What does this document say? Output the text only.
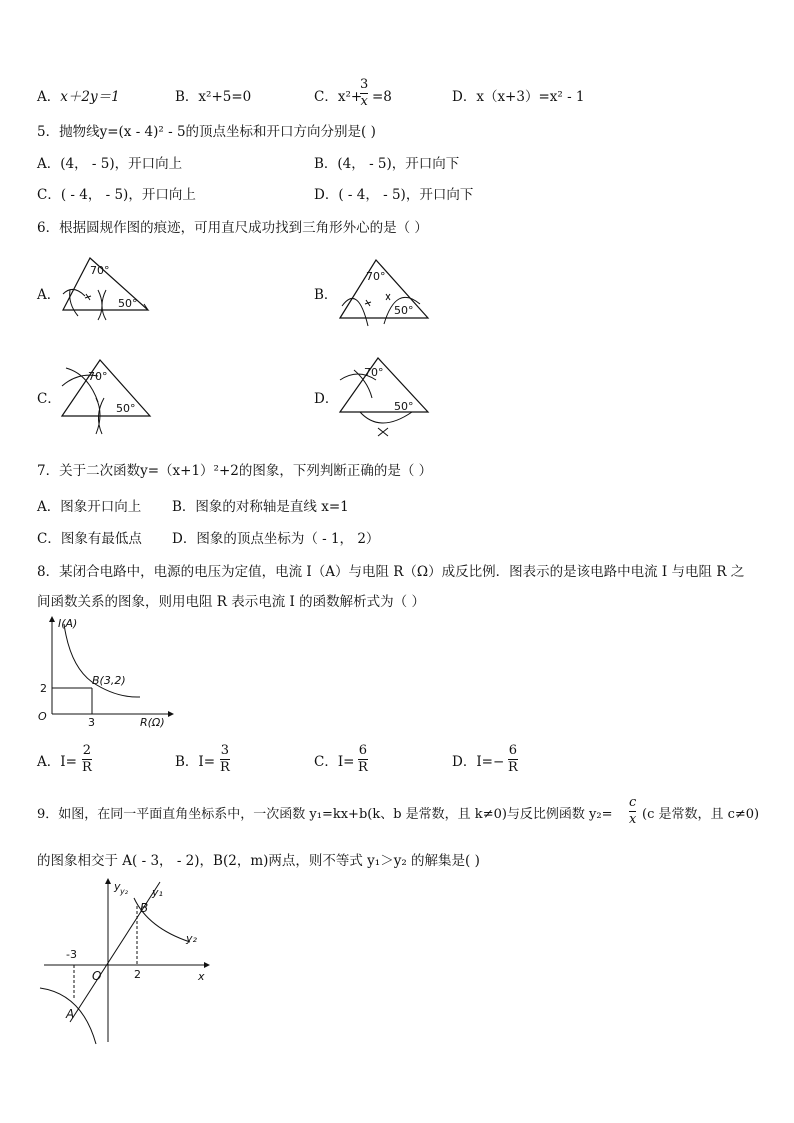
A．x＋2y＝1	B．x²+5=0	C．x²+
3
x =8	D．x（x+3）=x² - 1
5．抛物线y=(x - 4)² - 5的顶点坐标和开口方向分别是( )
A．(4， - 5)，开口向上	B．(4， - 5)，开口向下
C．( - 4， - 5)，开口向上	D．( - 4， - 5)，开口向下
6．根据圆规作图的痕迹，可用直尺成功找到三角形外心的是（ ）
A．	B．
C．	D．
70°
50°
70°
50°
70°
50°
70°
50°
7．关于二次函数y=（x+1）²+2的图象，下列判断正确的是（ ）
A．图象开口向上 B．图象的对称轴是直线 x=1
C．图象有最低点 D．图象的顶点坐标为（ - 1， 2）
8．某闭合电路中，电源的电压为定值，电流 I（A）与电阻 R（Ω）成反比例．图表示的是该电路中电流 I 与电阻 R 之
间函数关系的图象，则用电阻 R 表示电流 I 的函数解析式为（ ）
I(A)
R(Ω)
O
B(3,2)
3
2
A．I=
2
R	B．I=
3
R	C．I=
6
R	D．I=−
6
R
9．如图，在同一平面直角坐标系中，一次函数 y₁=kx+b(k、b 是常数，且 k≠0)与反比例函数 y₂=
c
x (c 是常数，且 c≠0)
的图象相交于 A( - 3， - 2)，B(2，m)两点，则不等式 y₁＞y₂ 的解集是( )
y y₂ y₁
y₂
B
A
O	x
-3
2
